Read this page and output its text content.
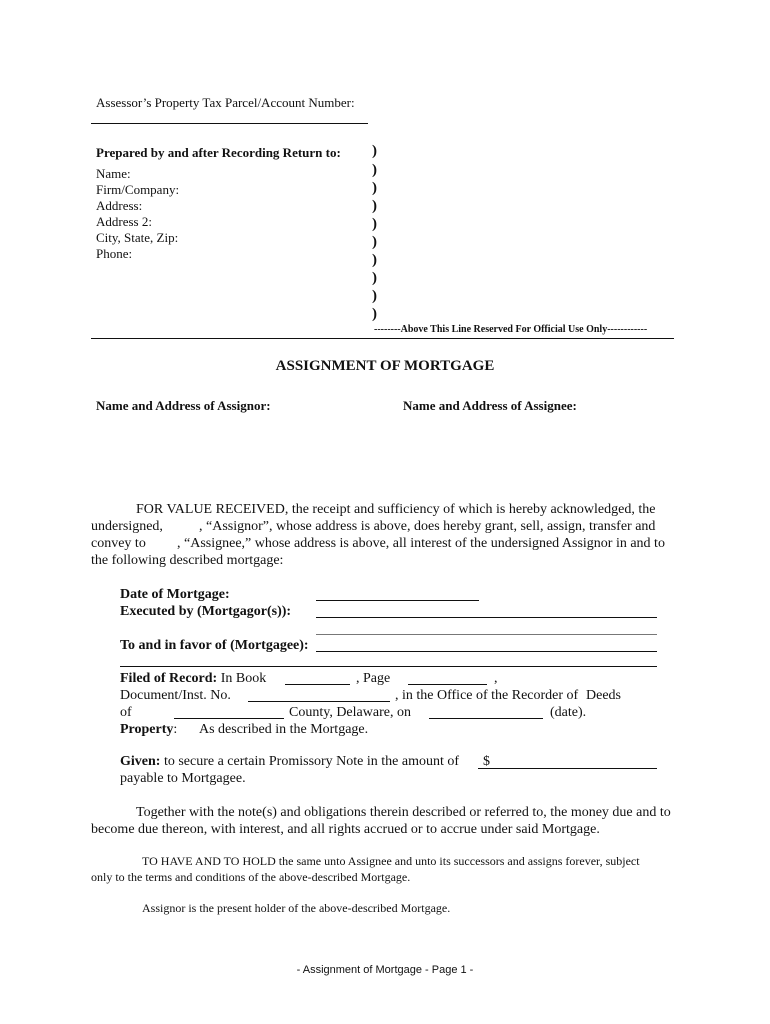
Assessor’s Property Tax Parcel/Account Number:
Prepared by and after Recording Return to:
Name:
Firm/Company:
Address:
Address 2:
City, State, Zip:
Phone:
)
)
)
)
)
)
)
)
)
)
--------Above This Line Reserved For Official Use Only------------
ASSIGNMENT OF MORTGAGE
Name and Address of Assignor:	Name and Address of Assignee:
FOR VALUE RECEIVED, the receipt and sufficiency of which is hereby acknowledged, the
undersigned,	, “Assignor”, whose address is above, does hereby grant, sell, assign, transfer and
convey to , “Assignee,” whose address is above, all interest of the undersigned Assignor in and to
the following described mortgage:
Date of Mortgage:
Executed by (Mortgagor(s)):
To and in favor of (Mortgagee):
Filed of Record: In Book	, Page	,
Document/Inst. No.	, in the Office of the Recorder of Deeds
of	County, Delaware, on	(date).
Property: As described in the Mortgage.
Given: to secure a certain Promissory Note in the amount of $
payable to Mortgagee.
Together with the note(s) and obligations therein described or referred to, the money due and to
become due thereon, with interest, and all rights accrued or to accrue under said Mortgage.
TO HAVE AND TO HOLD the same unto Assignee and unto its successors and assigns forever, subject
only to the terms and conditions of the above-described Mortgage.
Assignor is the present holder of the above-described Mortgage.
- Assignment of Mortgage - Page 1 -
